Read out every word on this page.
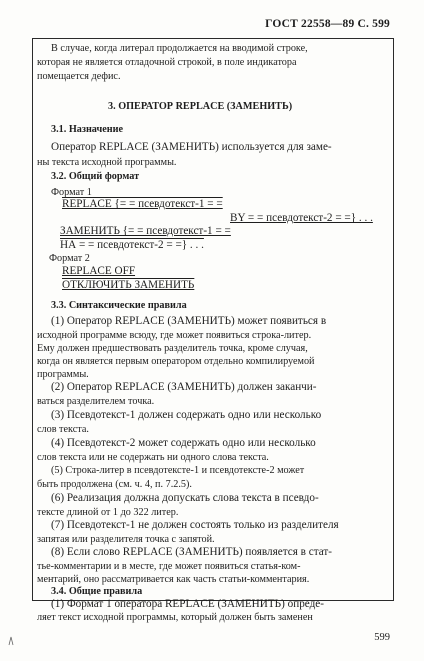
ГОСТ 22558—89 С. 599
В случае, когда литерал продолжается на вводимой строке,
которая не является отладочной строкой, в поле индикатора
помещается дефис.
3. ОПЕРАТОР REPLACE (ЗАМЕНИТЬ)
3.1. Назначение
Оператор REPLACE (ЗАМЕНИТЬ) используется для заме-
ны текста исходной программы.
3.2. Общий формат
Формат 1
REPLACE {= = псевдотекст-1 = =
BY = = псевдотекст-2 = =} . . .
ЗАМЕНИТЬ {= = псевдотекст-1 = =
НА = = псевдотекст-2 = =} . . .
Формат 2
REPLACE OFF
ОТКЛЮЧИТЬ ЗАМЕНИТЬ
3.3. Синтаксические правила
(1) Оператор REPLACE (ЗАМЕНИТЬ) может появиться в
исходной программе всюду, где может появиться строка-литер.
Ему должен предшествовать разделитель точка, кроме случая,
когда он является первым оператором отдельно компилируемой
программы.
(2) Оператор REPLACE (ЗАМЕНИТЬ) должен заканчи-
ваться разделителем точка.
(3) Псевдотекст-1 должен содержать одно или несколько
слов текста.
(4) Псевдотекст-2 может содержать одно или несколько
слов текста или не содержать ни одного слова текста.
(5) Строка-литер в псевдотексте-1 и псевдотексте-2 может
быть продолжена (см. ч. 4, п. 7.2.5).
(6) Реализация должна допускать слова текста в псевдо-
тексте длиной от 1 до 322 литер.
(7) Псевдотекст-1 не должен состоять только из разделителя
запятая или разделителя точка с запятой.
(8) Если слово REPLACE (ЗАМЕНИТЬ) появляется в стат-
тье-комментарии и в месте, где может появиться статья-ком-
ментарий, оно рассматривается как часть статьи-комментария.
3.4. Общие правила
(1) Формат 1 оператора REPLACE (ЗАМЕНИТЬ) опреде-
ляет текст исходной программы, который должен быть заменен
599
